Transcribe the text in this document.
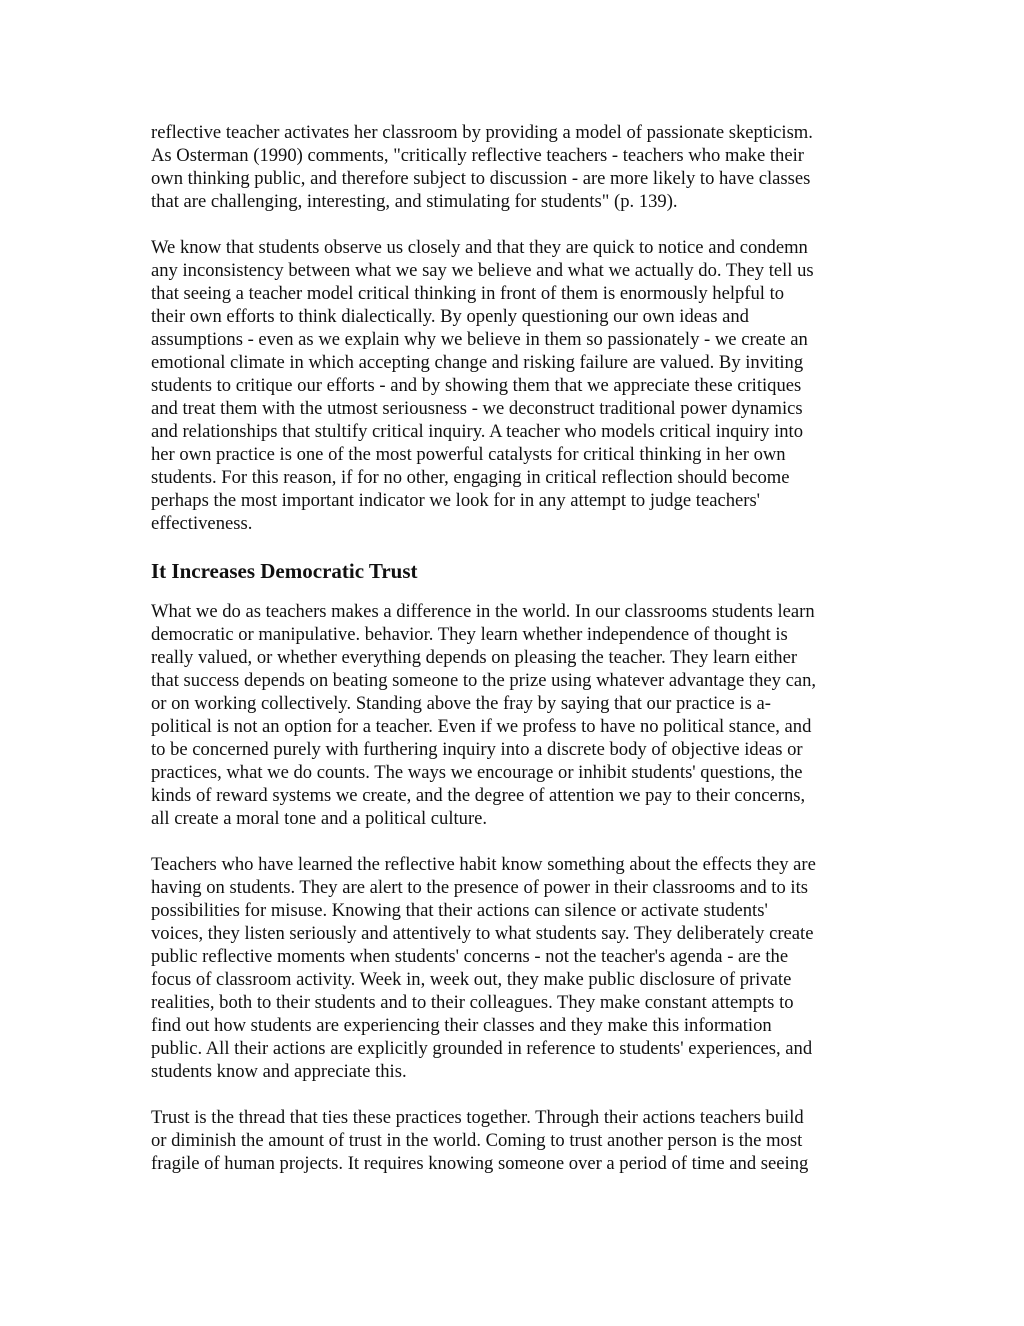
reflective teacher activates her classroom by providing a model of passionate skepticism.
As Osterman (1990) comments, "critically reflective teachers - teachers who make their
own thinking public, and therefore subject to discussion - are more likely to have classes
that are challenging, interesting, and stimulating for students" (p. 139).
We know that students observe us closely and that they are quick to notice and condemn
any inconsistency between what we say we believe and what we actually do. They tell us
that seeing a teacher model critical thinking in front of them is enormously helpful to
their own efforts to think dialectically. By openly questioning our own ideas and
assumptions - even as we explain why we believe in them so passionately - we create an
emotional climate in which accepting change and risking failure are valued. By inviting
students to critique our efforts - and by showing them that we appreciate these critiques
and treat them with the utmost seriousness - we deconstruct traditional power dynamics
and relationships that stultify critical inquiry. A teacher who models critical inquiry into
her own practice is one of the most powerful catalysts for critical thinking in her own
students. For this reason, if for no other, engaging in critical reflection should become
perhaps the most important indicator we look for in any attempt to judge teachers'
effectiveness.
It Increases Democratic Trust
What we do as teachers makes a difference in the world. In our classrooms students learn
democratic or manipulative. behavior. They learn whether independence of thought is
really valued, or whether everything depends on pleasing the teacher. They learn either
that success depends on beating someone to the prize using whatever advantage they can,
or on working collectively. Standing above the fray by saying that our practice is a-
political is not an option for a teacher. Even if we profess to have no political stance, and
to be concerned purely with furthering inquiry into a discrete body of objective ideas or
practices, what we do counts. The ways we encourage or inhibit students' questions, the
kinds of reward systems we create, and the degree of attention we pay to their concerns,
all create a moral tone and a political culture.
Teachers who have learned the reflective habit know something about the effects they are
having on students. They are alert to the presence of power in their classrooms and to its
possibilities for misuse. Knowing that their actions can silence or activate students'
voices, they listen seriously and attentively to what students say. They deliberately create
public reflective moments when students' concerns - not the teacher's agenda - are the
focus of classroom activity. Week in, week out, they make public disclosure of private
realities, both to their students and to their colleagues. They make constant attempts to
find out how students are experiencing their classes and they make this information
public. All their actions are explicitly grounded in reference to students' experiences, and
students know and appreciate this.
Trust is the thread that ties these practices together. Through their actions teachers build
or diminish the amount of trust in the world. Coming to trust another person is the most
fragile of human projects. It requires knowing someone over a period of time and seeing
